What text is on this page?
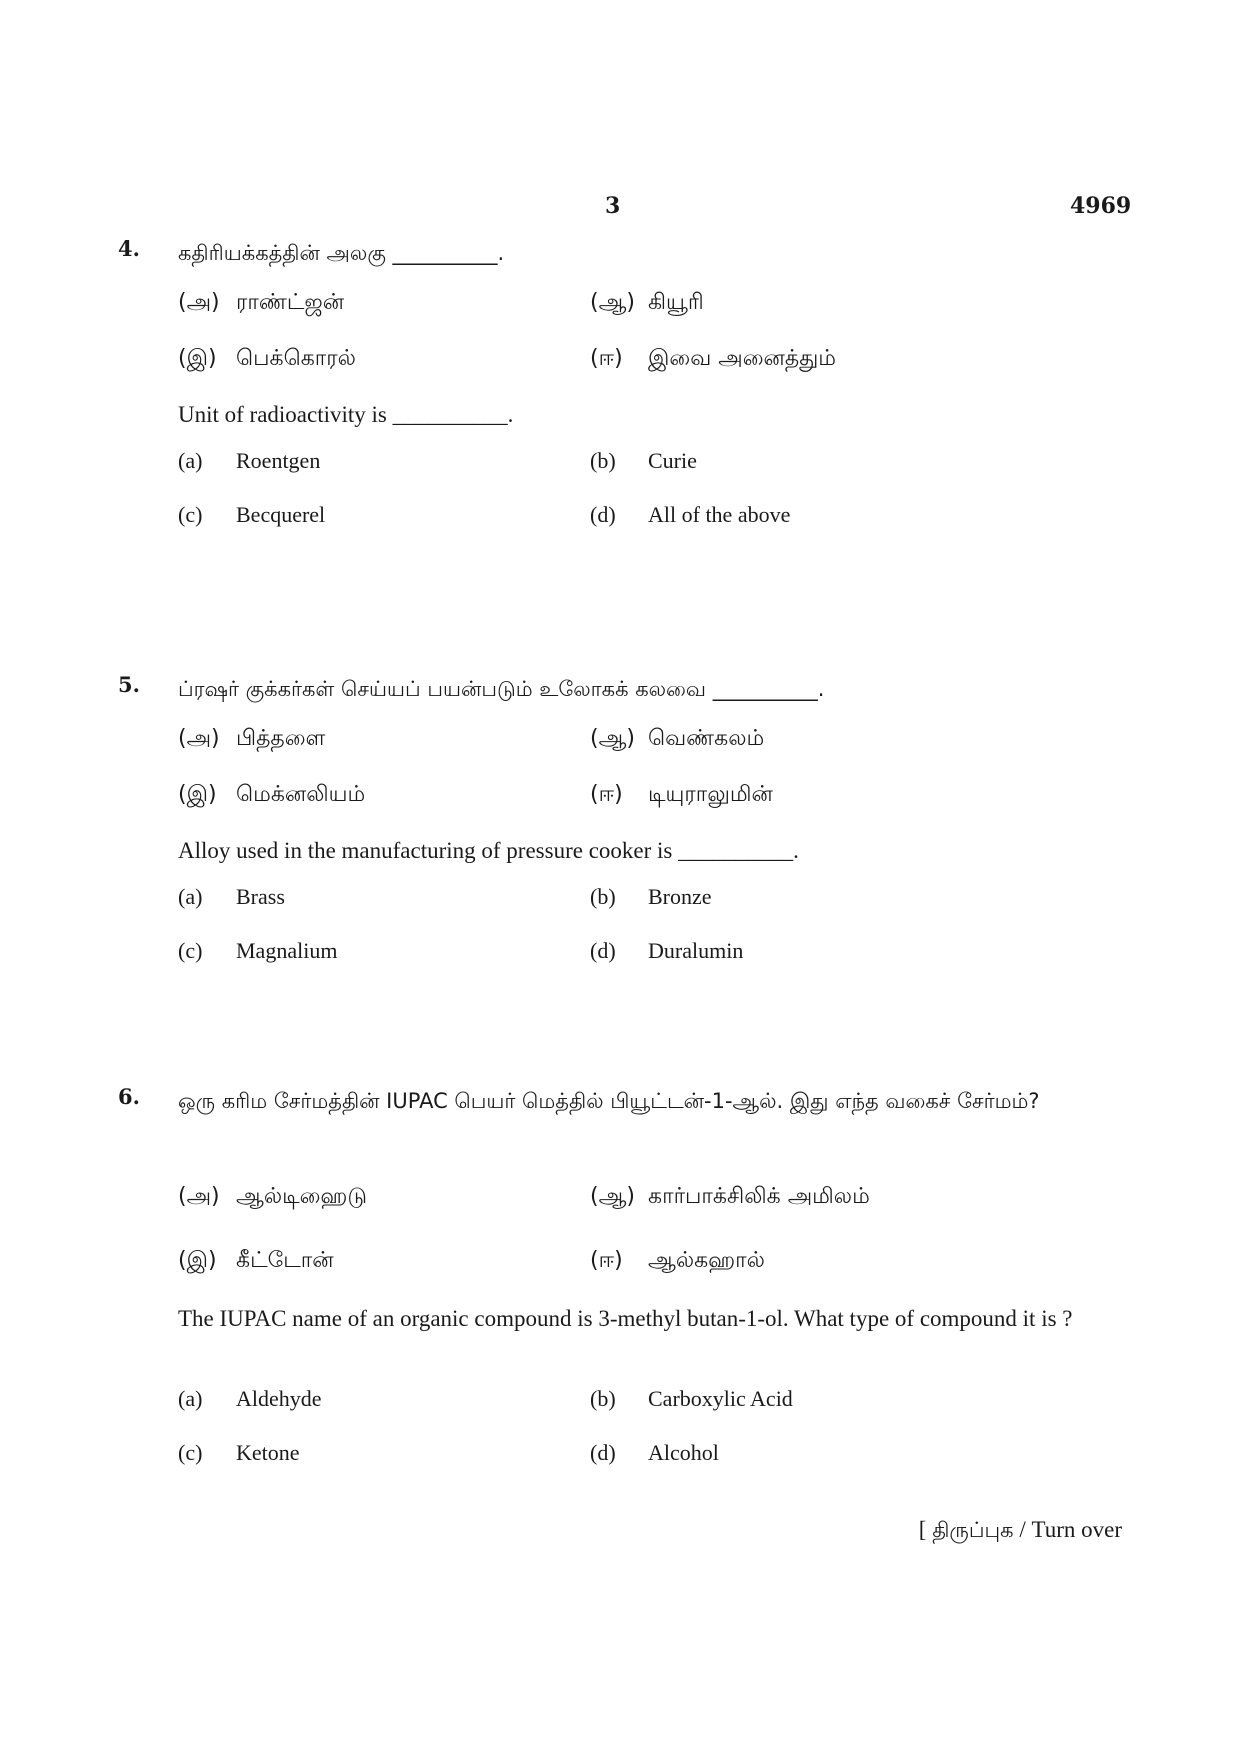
3	4969
4. கதிரியக்கத்தின் அலகு __________.
(அ) ராண்ட்ஜன்	(ஆ) கியூரி
(இ) பெக்கொரல்	(ஈ) இவை அனைத்தும்
Unit of radioactivity is __________.
(a) Roentgen	(b) Curie
(c) Becquerel	(d) All of the above
5. ப்ரஷர் குக்கர்கள் செய்யப் பயன்படும் உலோகக் கலவை __________.
(அ) பித்தளை	(ஆ) வெண்கலம்
(இ) மெக்னலியம்	(ஈ) டியுராலுமின்
Alloy used in the manufacturing of pressure cooker is __________.
(a) Brass	(b) Bronze
(c) Magnalium	(d) Duralumin
6. ஒரு கரிம சேர்மத்தின் IUPAC பெயர் மெத்தில் பியூட்டன்-1-ஆல். இது எந்த வகைச் சேர்மம்?
(அ) ஆல்டிஹைடு	(ஆ) கார்பாக்சிலிக் அமிலம்
(இ) கீட்டோன்	(ஈ) ஆல்கஹால்
The IUPAC name of an organic compound is 3-methyl butan-1-ol. What type of compound it is ?
(a) Aldehyde	(b) Carboxylic Acid
(c) Ketone	(d) Alcohol
[ திருப்புக / Turn over
